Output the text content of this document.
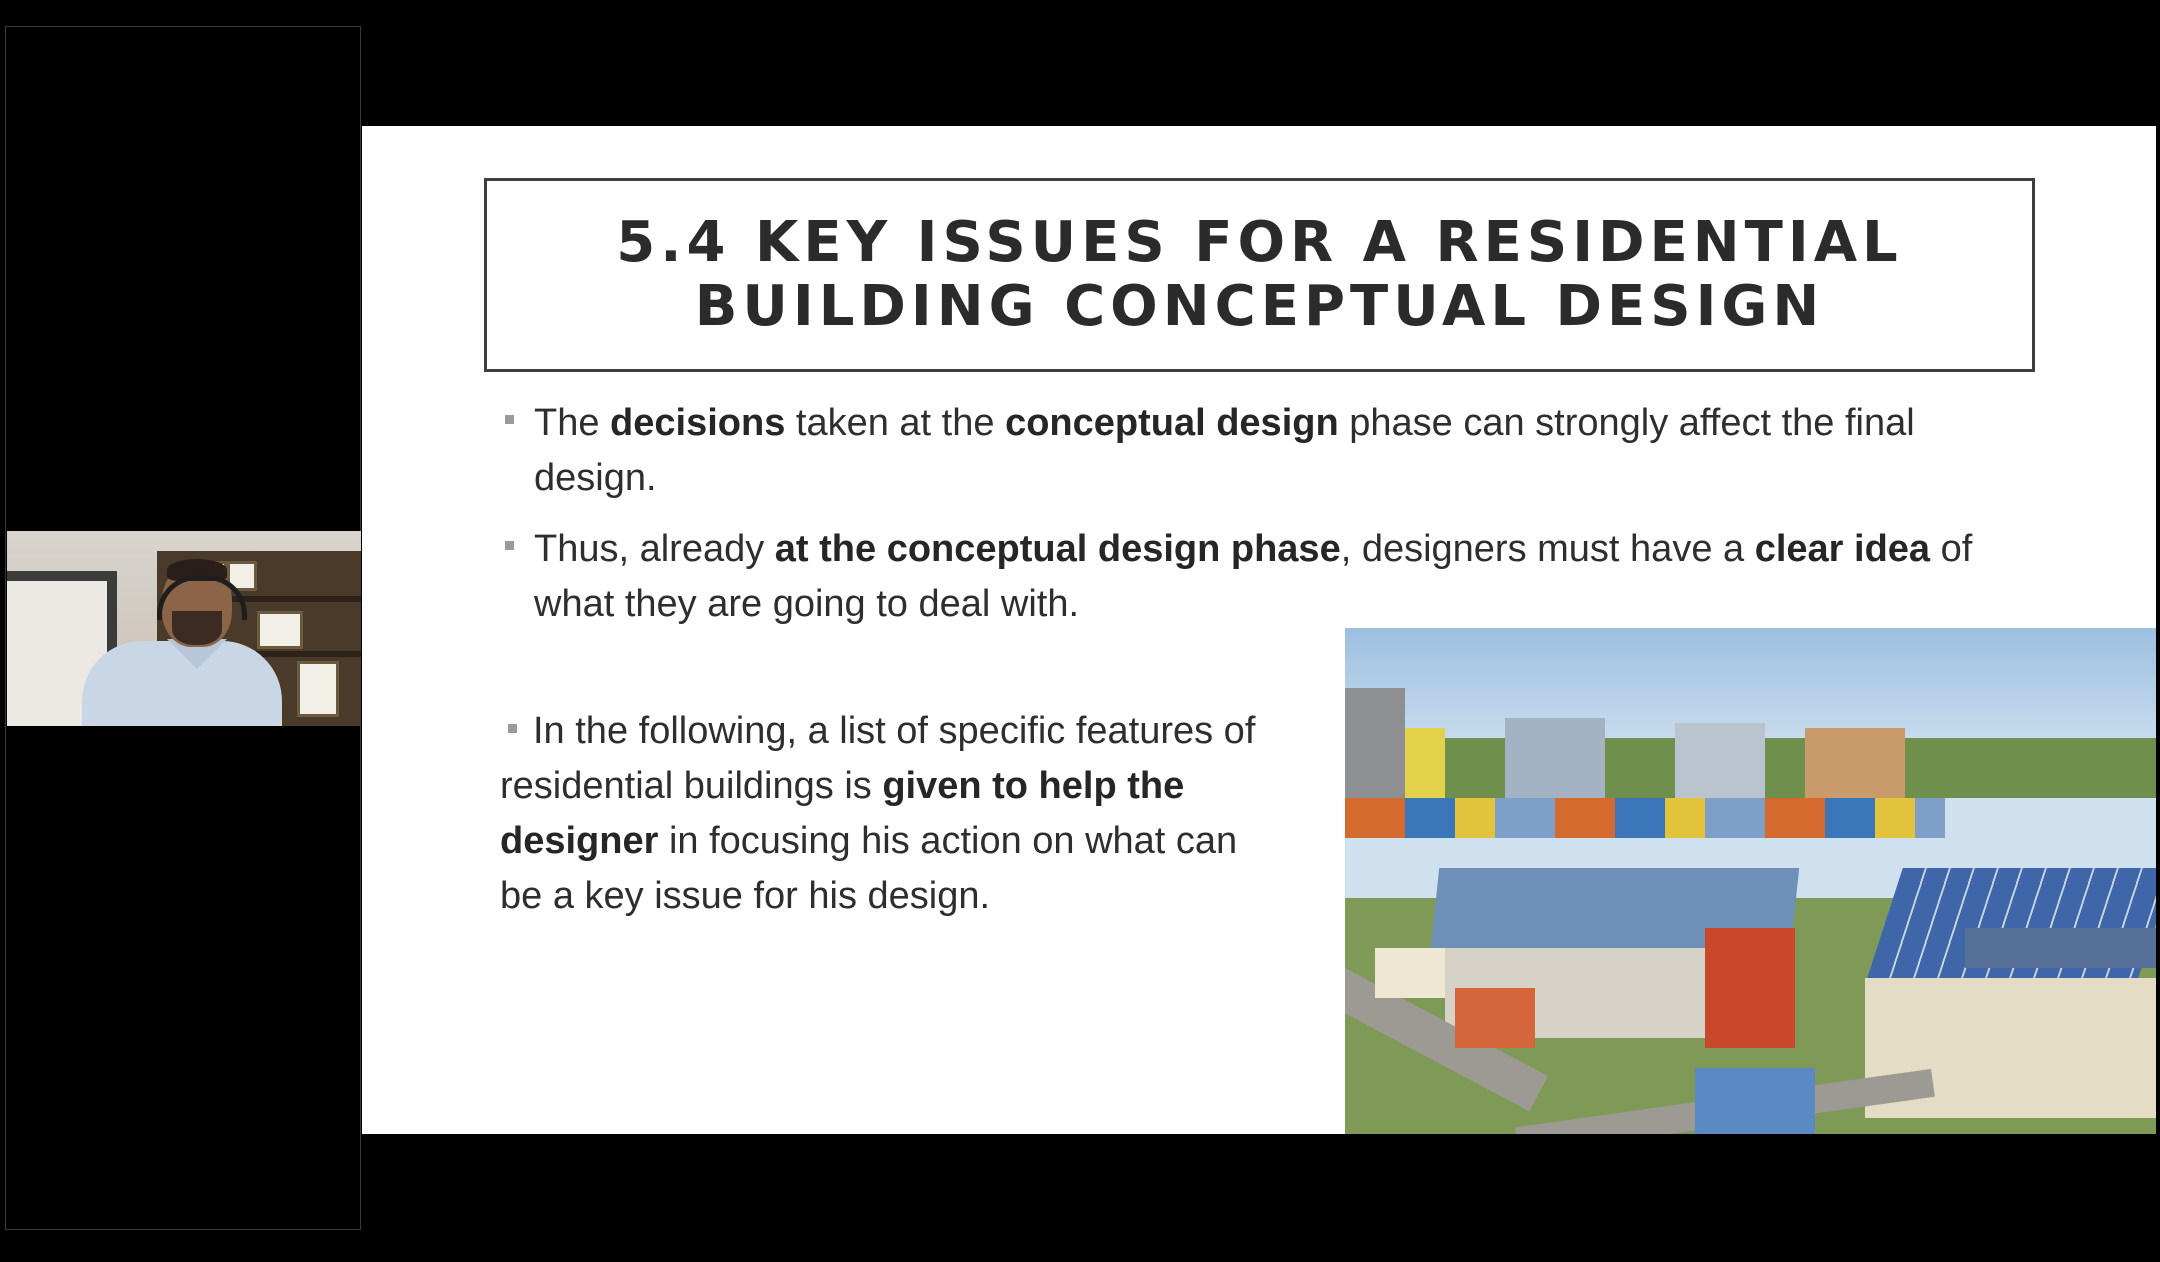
5.4 KEY ISSUES FOR A RESIDENTIAL BUILDING CONCEPTUAL DESIGN
The decisions taken at the conceptual design phase can strongly affect the final design.
Thus, already at the conceptual design phase, designers must have a clear idea of what they are going to deal with.
In the following, a list of specific features of residential buildings is given to help the designer in focusing his action on what can be a key issue for his design.
